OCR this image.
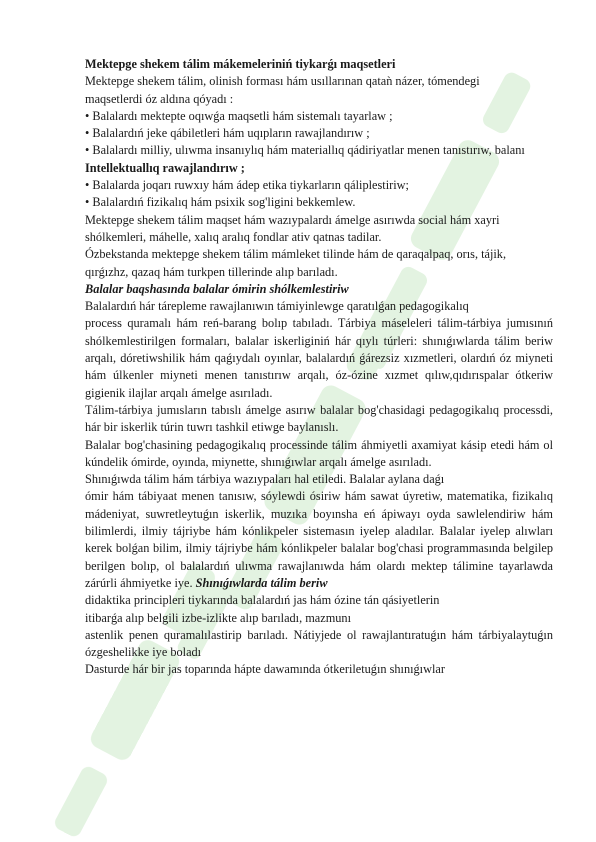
Mektepge shekem tálim mákemeleriniń tiykarǵı maqsetleri

Mektepge shekem tálim, olinish forması hám usıllarınan qataǹ názer, tómendegi

maqsetlerdi óz aldına qóyadı :

• Balalardı mektepte oqıwǵa maqsetli hám sistemalı tayarlaw ;

• Balalardıń jeke qábiletleri hám uqıpların rawajlandırıw ;

• Balalardı milliy, ulıwma insanıylıq hám materiallıq qádiriyatlar menen tanıstırıw, balanı

Intellektuallıq rawajlandırıw ;

• Balalarda joqarı ruwxıy hám ádep etika tiykarların qáliplestiriw;

• Balalardıń fizikalıq hám psixik sog'ligini bekkemlew.

Mektepge shekem tálim maqset hám wazıypalardı ámelge asırıwda social hám xayri

shólkemleri, máhelle, xalıq aralıq fondlar ativ qatnas tadilar.

Ózbekstanda mektepge shekem tálim mámleket tilinde hám de qaraqalpaq, orıs, tájik,

qırǵızhz, qazaq hám turkpen tillerinde alıp barıladı.

Balalar baqshasında balalar ómirin shólkemlestiriw

Balalardıń hár tárepleme rawajlanıwın támiyinlewge qaratılǵan pedagogikalıq

process quramalı hám reń-barang bolıp tabıladı. Tárbiya máseleleri tálim-tárbiya jumısınıń shólkemlestirilgen formaları, balalar iskerliginiń hár qıylı túrleri: shınıǵıwlarda tálim beriw arqalı, dóretiwshilik hám qaǵıydalı oyınlar, balalardıń ǵárezsiz xızmetleri, olardıń óz miyneti hám úlkenler miyneti menen tanıstırıw arqalı, óz-ózine xızmet qılıw,qıdırıspalar ótkeriw gigienik ilajlar arqalı ámelge asırıladı.

Tálim-tárbiya jumısların tabıslı ámelge asırıw balalar bog'chasidagi pedagogikalıq processdi, hár bir iskerlik túrin tuwrı tashkil etiwge baylanıslı.

Balalar bog'chasining pedagogikalıq processinde tálim áhmiyetli axamiyat kásip etedi hám ol kúndelik ómirde, oyında, miynette, shınıǵıwlar arqalı ámelge asırıladı.

Shınıǵıwda tálim hám tárbiya wazıypaları hal etiledi. Balalar aylana daǵı

ómir hám tábiyaat menen tanısıw, sóylewdi ósiriw hám sawat úyretiw, matematika, fizikalıq mádeniyat, suwretleytuǵın iskerlik, muzıka boyınsha eń ápiwayı oyda sawlelendiriw hám bilimlerdi, ilmiy tájriybe hám kónlikpeler sistemasın iyelep aladılar. Balalar iyelep alıwları kerek bolǵan bilim, ilmiy tájriybe hám kónlikpeler balalar bog'chasi programmasında belgilep berilgen bolıp, ol balalardıń ulıwma rawajlanıwda hám olardı mektep tálimine tayarlawda zárúrli áhmiyetke iye. Shınıǵıwlarda tálim beriw

didaktika principleri tiykarında balalardıń jas hám ózine tán qásiyetlerin

itibarǵa alıp belgili izbe-izlikte alıp barıladı, mazmunı

astenlik penen quramalılastirip barıladı. Nátiyjede ol rawajlantıratuǵın hám tárbiyalaytuǵın ózgeshelikke iye boladı

Dasturde hár bir jas toparında hápte dawamında ótkeriletuǵın shınıǵıwlar
